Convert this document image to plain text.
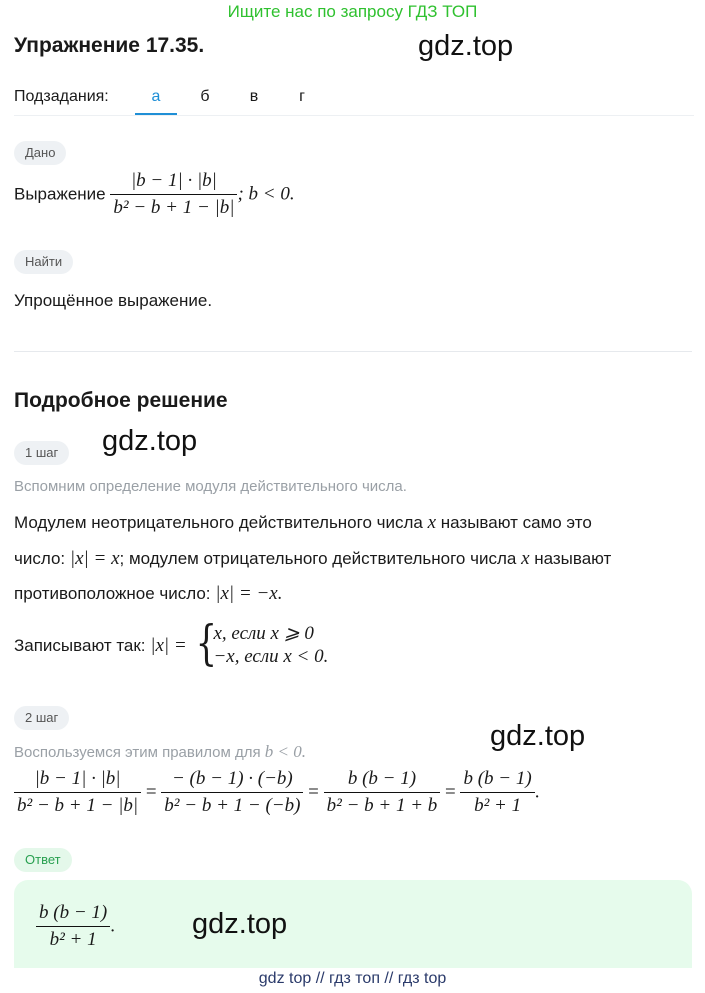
Ищите нас по запросу ГДЗ ТОП
Упражнение 17.35.	gdz.top
Подзадания:	а	б	в	г
Дано
Выражение $\frac{|b - 1| \cdot |b|}{\text{b² − b + 1 − |b|}}$ ; b < 0.
Найти
Упрощённое выражение.
Подробное решение
1 шаг	gdz.top
Вспомним определение модуля действительного числа.
Модулем неотрицательного действительного числа x называют само это
число: |x| = x; модулем отрицательного действительного числа x называют
противоположное число: |x| = −x.
Записывают так: |x| = {
x, если x ⩾ 0
−x, если x < 0.
2 шаг
gdz.top
Воспользуемся этим правилом для b < 0.
$\frac{|b - 1| \cdot |b|}{\text{b² − b + 1 − |b|}} = \frac{- (b - 1) \cdot (-b)}{\text{b² − b + 1 − (−b)}} = \frac{b (b - 1)}{\text{b² − b + 1 + b}} = \frac{b (b - 1)}{\text{b² + 1}}$ .
Ответ
$\frac{b (b - 1)}{\text{b² + 1}}$ .	gdz.top
gdz top // гдз топ // гдз top
